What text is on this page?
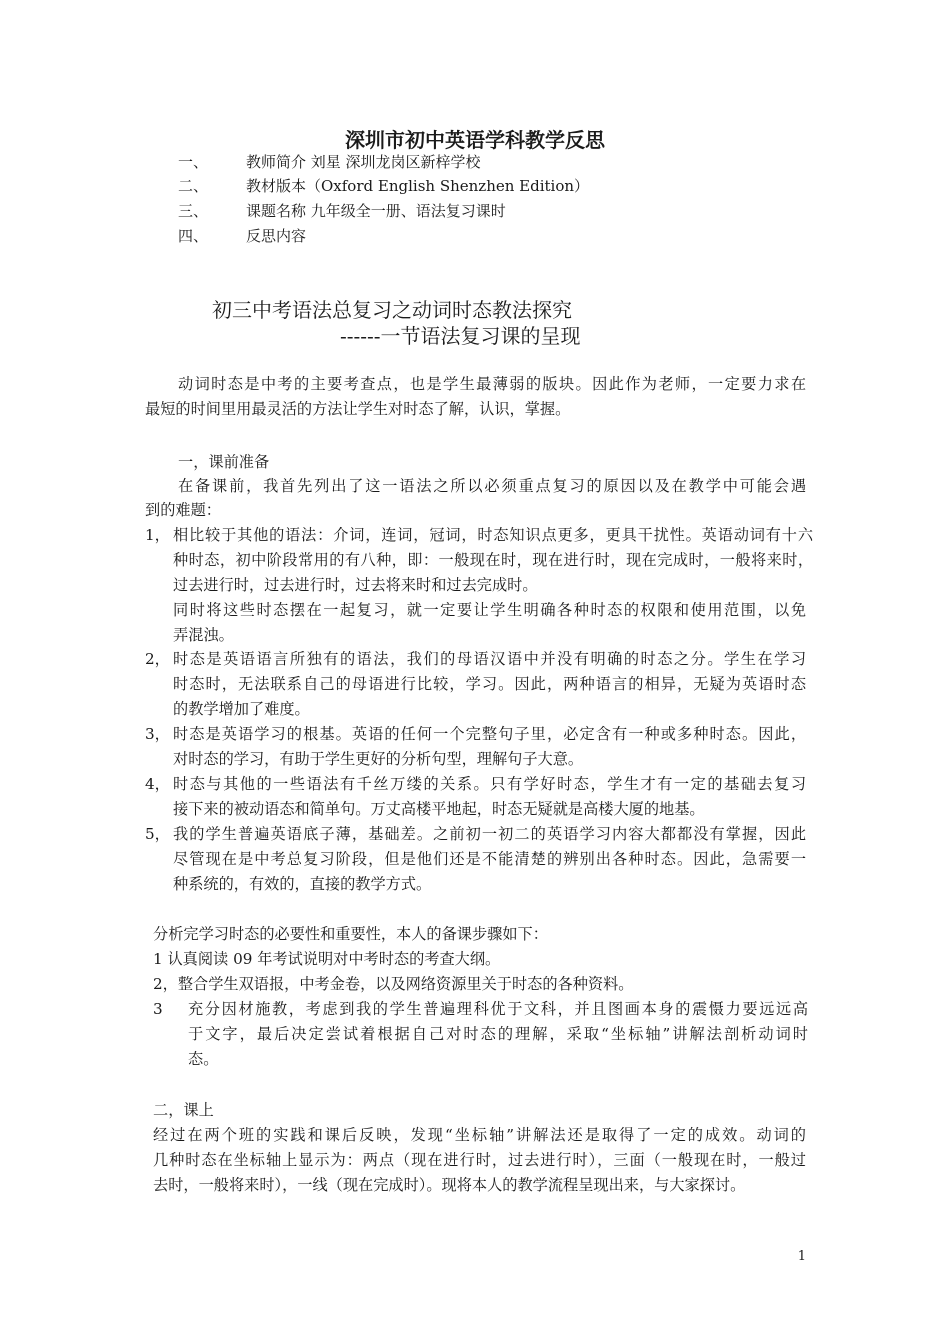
深圳市初中英语学科教学反思
一、	教师简介 刘星 深圳龙岗区新梓学校
二、	教材版本（Oxford English Shenzhen Edition）
三、	课题名称 九年级全一册、语法复习课时
四、	反思内容
初三中考语法总复习之动词时态教法探究
------一节语法复习课的呈现
动词时态是中考的主要考查点，也是学生最薄弱的版块。因此作为老师，一定要力求在
最短的时间里用最灵活的方法让学生对时态了解，认识，掌握。
一，课前准备
在备课前，我首先列出了这一语法之所以必须重点复习的原因以及在教学中可能会遇
到的难题：
1， 相比较于其他的语法：介词，连词，冠词，时态知识点更多，更具干扰性。英语动词有十六
种时态，初中阶段常用的有八种，即：一般现在时，现在进行时，现在完成时，一般将来时，
过去进行时，过去进行时，过去将来时和过去完成时。
同时将这些时态摆在一起复习，就一定要让学生明确各种时态的权限和使用范围，以免
弄混浊。
2， 时态是英语语言所独有的语法，我们的母语汉语中并没有明确的时态之分。学生在学习
时态时，无法联系自己的母语进行比较，学习。因此，两种语言的相异，无疑为英语时态
的教学增加了难度。
3， 时态是英语学习的根基。英语的任何一个完整句子里，必定含有一种或多种时态。因此，
对时态的学习，有助于学生更好的分析句型，理解句子大意。
4， 时态与其他的一些语法有千丝万缕的关系。只有学好时态，学生才有一定的基础去复习
接下来的被动语态和简单句。万丈高楼平地起，时态无疑就是高楼大厦的地基。
5， 我的学生普遍英语底子薄，基础差。之前初一初二的英语学习内容大都都没有掌握，因此
尽管现在是中考总复习阶段，但是他们还是不能清楚的辨别出各种时态。因此，急需要一
种系统的，有效的，直接的教学方式。
分析完学习时态的必要性和重要性，本人的备课步骤如下：
1 认真阅读 09 年考试说明对中考时态的考查大纲。
2，整合学生双语报，中考金卷，以及网络资源里关于时态的各种资料。
3 充分因材施教，考虑到我的学生普遍理科优于文科，并且图画本身的震慑力要远远高
于文字，最后决定尝试着根据自己对时态的理解，采取“坐标轴”讲解法剖析动词时
态。
二，课上
经过在两个班的实践和课后反映，发现“坐标轴”讲解法还是取得了一定的成效。动词的
几种时态在坐标轴上显示为：两点（现在进行时，过去进行时），三面（一般现在时，一般过
去时，一般将来时），一线（现在完成时）。现将本人的教学流程呈现出来，与大家探讨。
1
